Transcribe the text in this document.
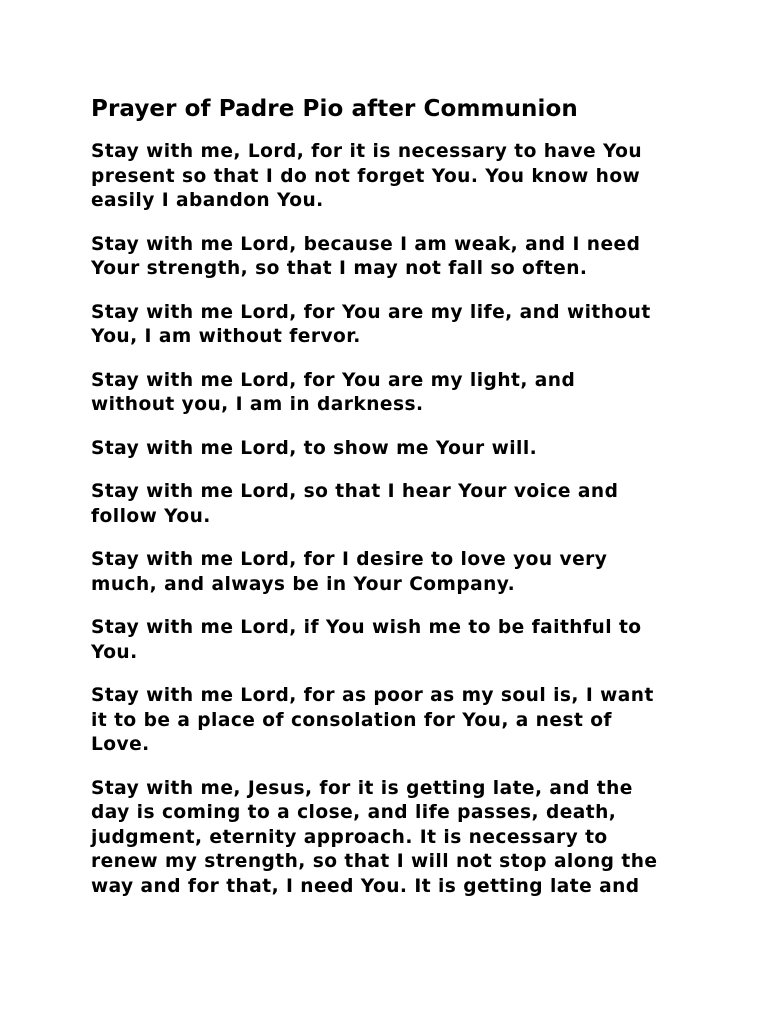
Prayer of Padre Pio after Communion
Stay with me, Lord, for it is necessary to have You
present so that I do not forget You. You know how
easily I abandon You.
Stay with me Lord, because I am weak, and I need
Your strength, so that I may not fall so often.
Stay with me Lord, for You are my life, and without
You, I am without fervor.
Stay with me Lord, for You are my light, and
without you, I am in darkness.
Stay with me Lord, to show me Your will.
Stay with me Lord, so that I hear Your voice and
follow You.
Stay with me Lord, for I desire to love you very
much, and always be in Your Company.
Stay with me Lord, if You wish me to be faithful to
You.
Stay with me Lord, for as poor as my soul is, I want
it to be a place of consolation for You, a nest of
Love.
Stay with me, Jesus, for it is getting late, and the
day is coming to a close, and life passes, death,
judgment, eternity approach. It is necessary to
renew my strength, so that I will not stop along the
way and for that, I need You. It is getting late and
